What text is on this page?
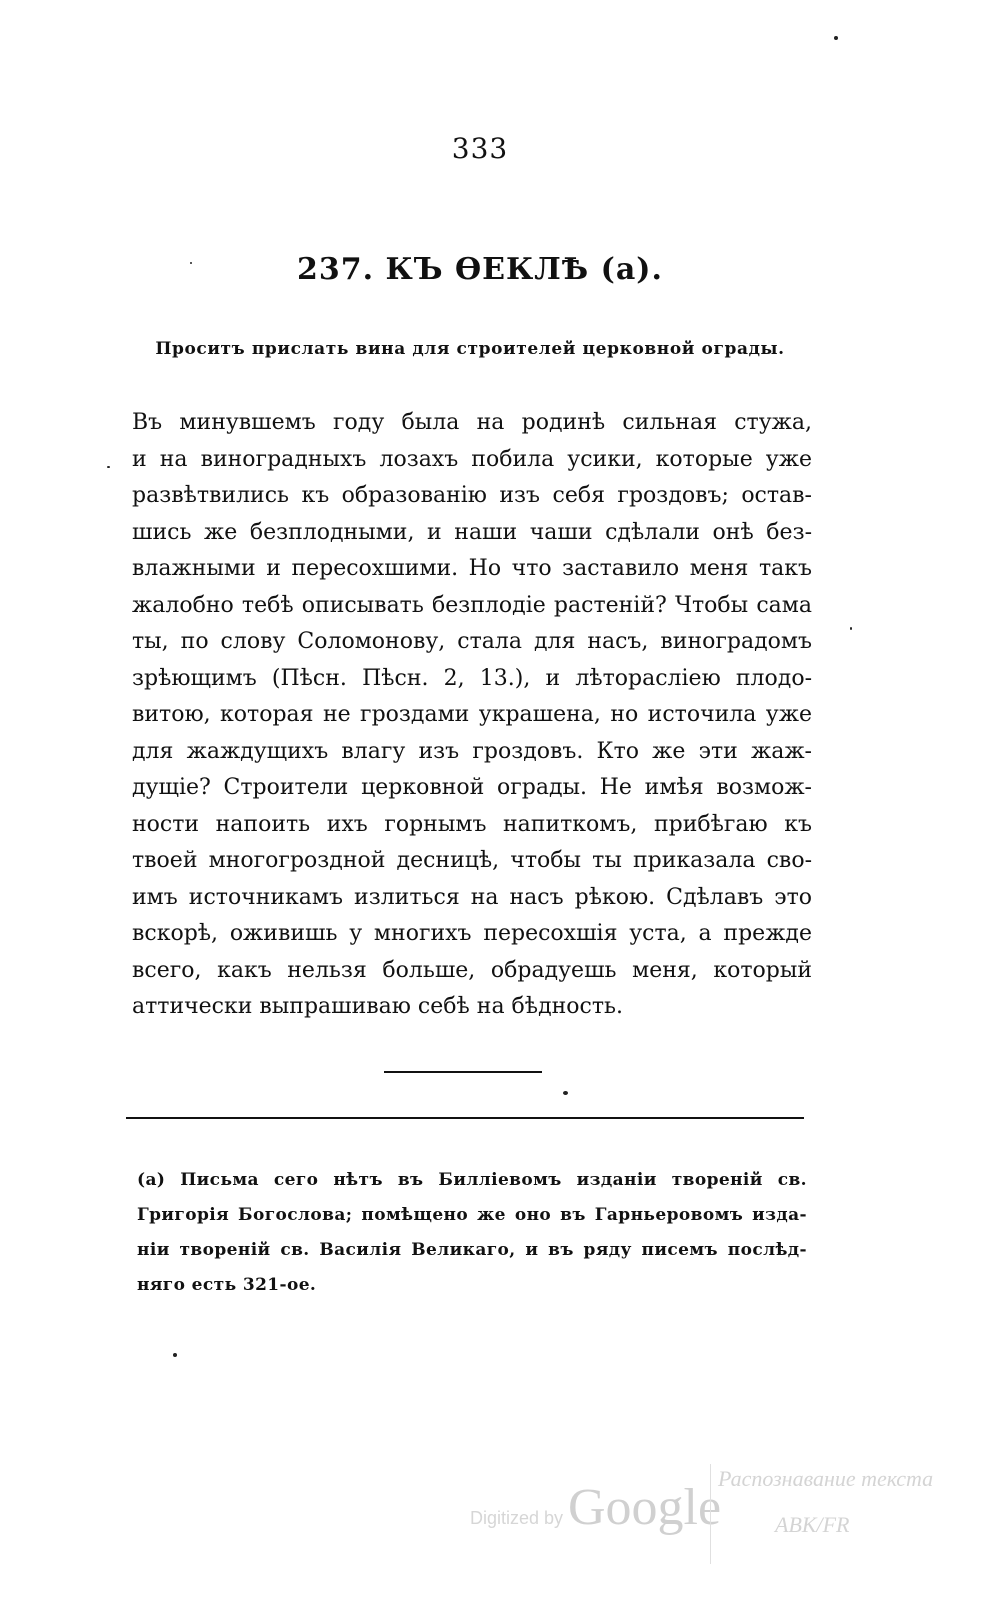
333
237. КЪ ӨЕКЛѢ (а).
Проситъ прислать вина для строителей церковной ограды.
Въ минувшемъ году была на родинѣ сильная стужа,
и на виноградныхъ лозахъ побила усики, которые уже
развѣтвились къ образованію изъ себя гроздовъ; остав-
шись же безплодными, и наши чаши сдѣлали онѣ без-
влажными и пересохшими. Но что заставило меня такъ
жалобно тебѣ описывать безплодіе растеній? Чтобы сама
ты, по слову Соломонову, стала для насъ, виноградомъ
зрѣющимъ (Пѣсн. Пѣсн. 2, 13.), и лѣторасліею плодо-
витою, которая не гроздами украшена, но источила уже
для жаждущихъ влагу изъ гроздовъ. Кто же эти жаж-
дущіе? Строители церковной ограды. Не имѣя возмож-
ности напоить ихъ горнымъ напиткомъ, прибѣгаю къ
твоей многогроздной десницѣ, чтобы ты приказала сво-
имъ источникамъ излиться на насъ рѣкою. Сдѣлавъ это
вскорѣ, оживишь у многихъ пересохшія уста, а прежде
всего, какъ нельзя больше, обрадуешь меня, который
аттически выпрашиваю себѣ на бѣдность.
(а) Письма сего нѣтъ въ Билліевомъ изданіи твореній св.
Григорія Богослова; помѣщено же оно въ Гарньеровомъ изда-
ніи твореній св. Василія Великаго, и въ ряду писемъ послѣд-
няго есть 321-ое.
Digitized by Google
Распознавание текста
АВК/FR
